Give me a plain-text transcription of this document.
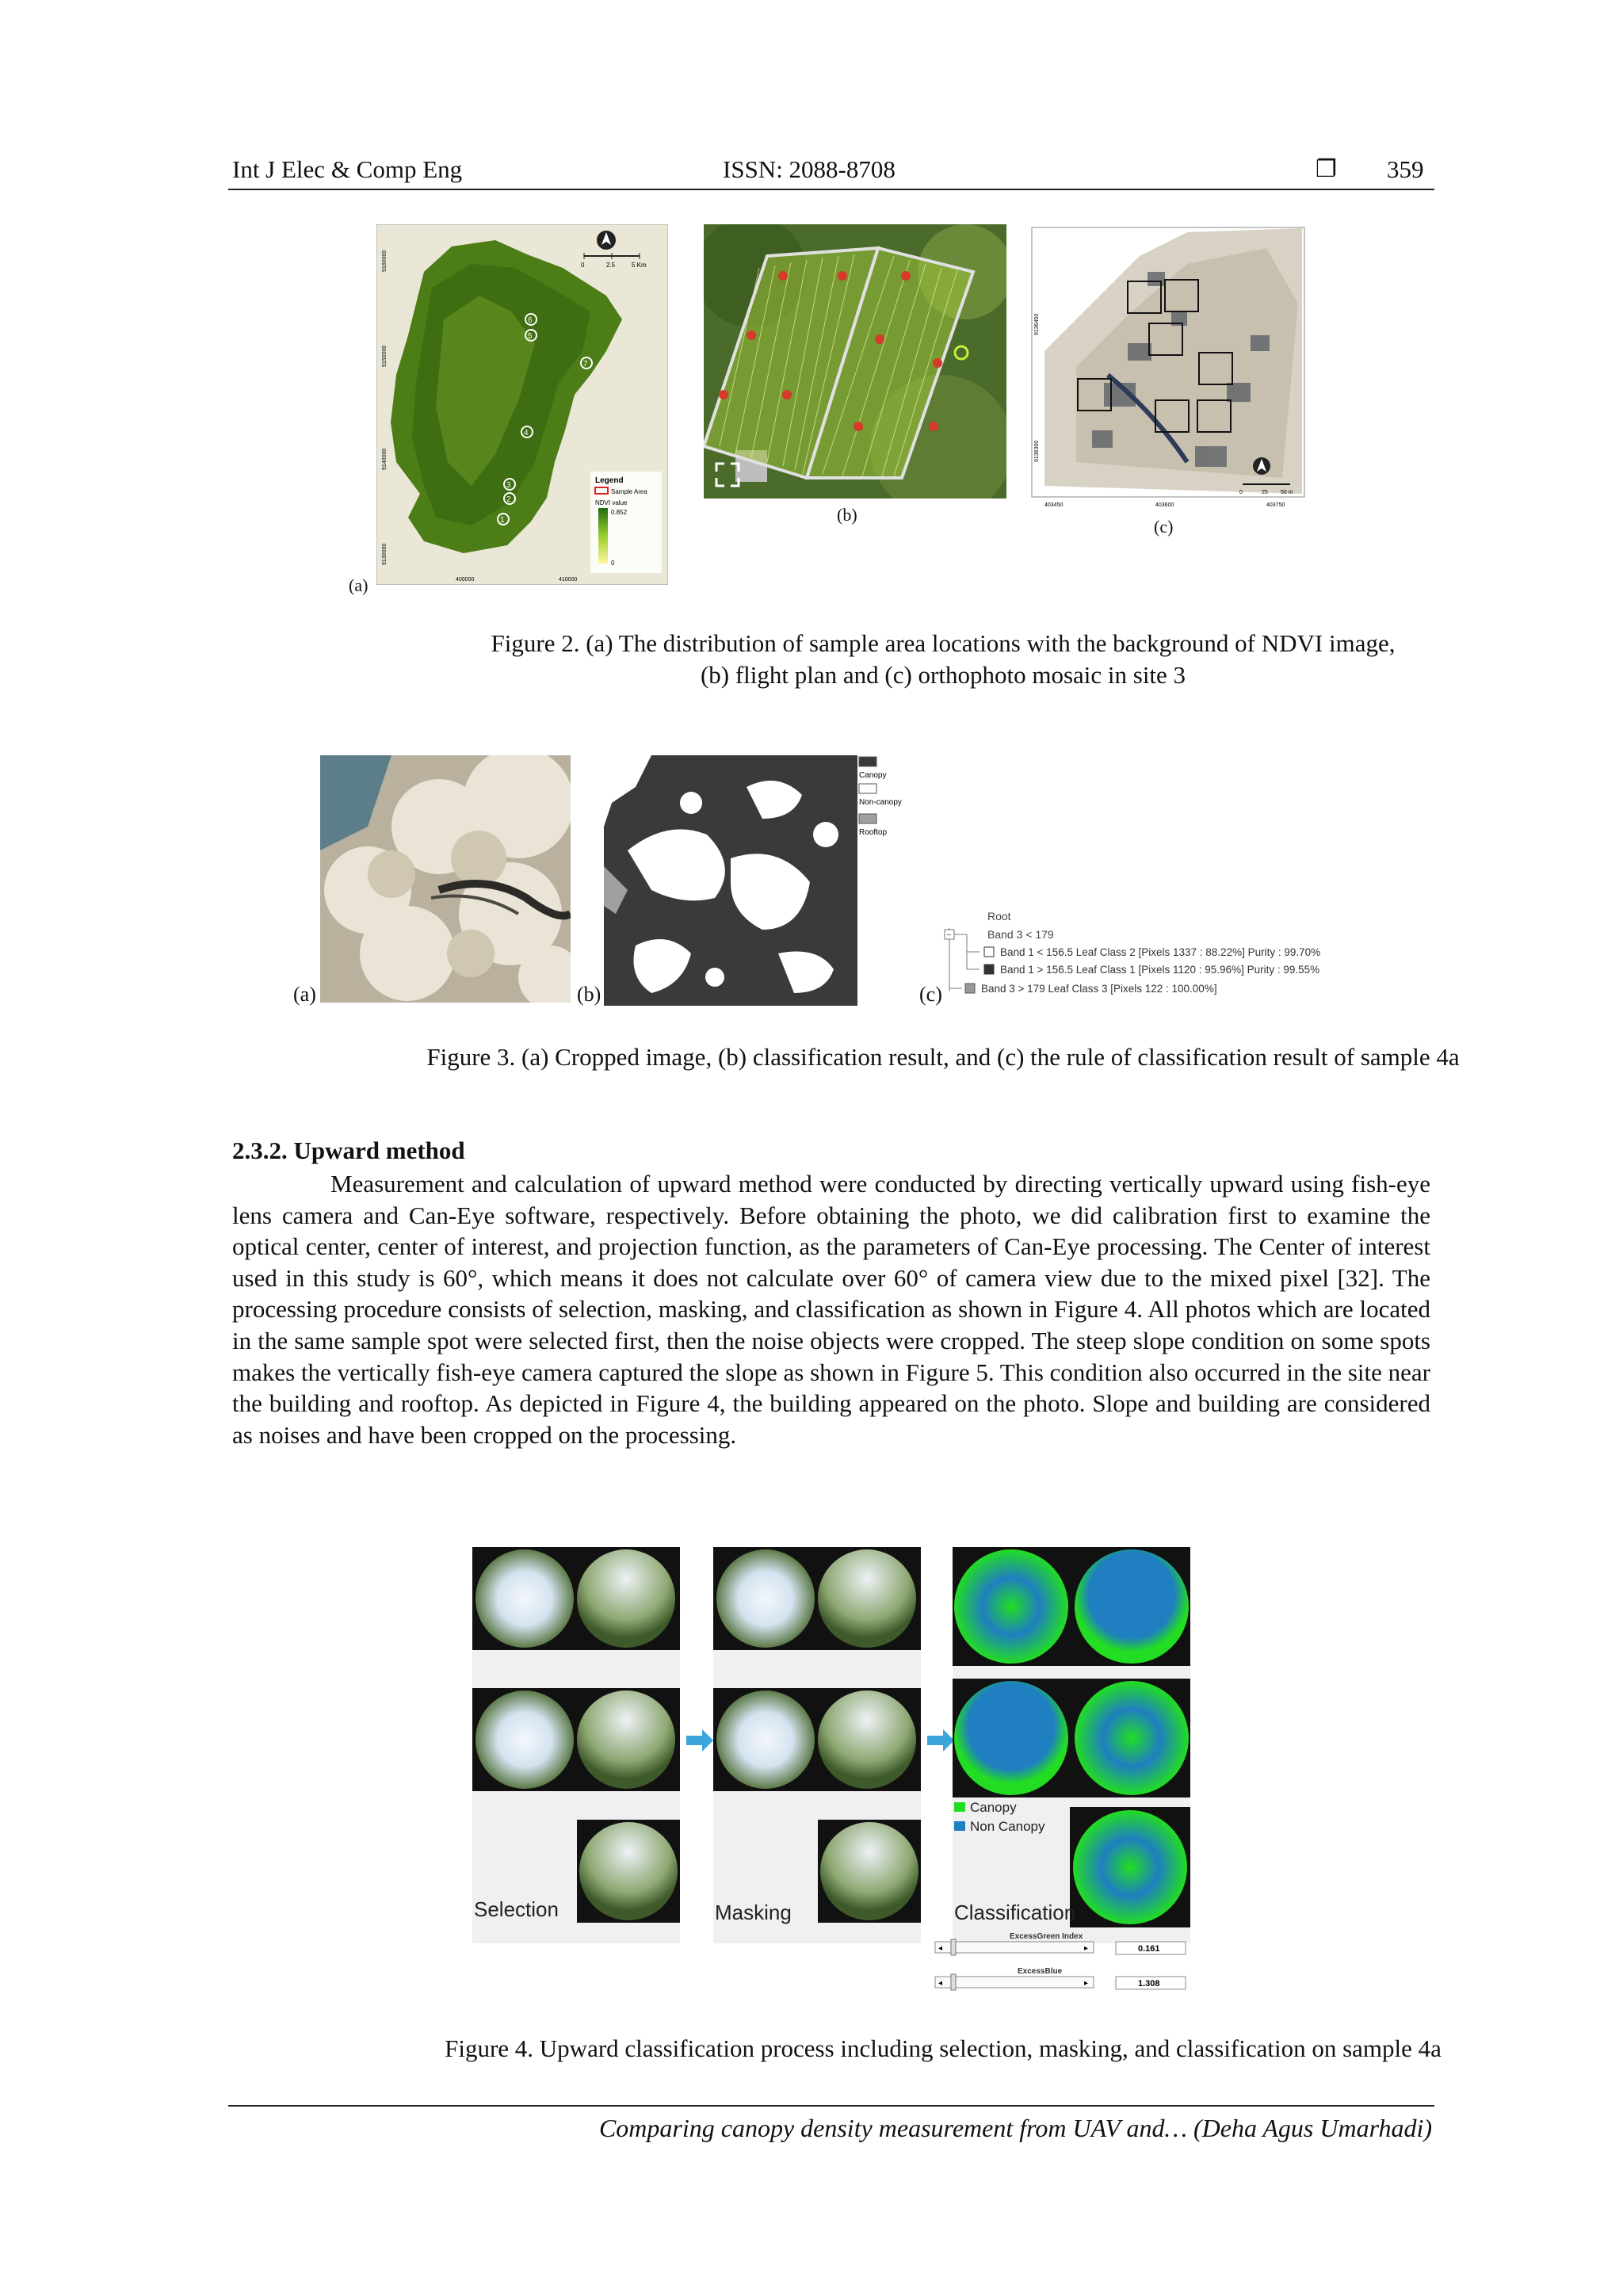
Int J Elec & Comp Eng	ISSN: 2088-8708	❐ 359
6
5
7
4
3
2
1
0	2.5	5 Km
Legend
Sample Area
NDVI value
0.852
0
9160000
9150000
9140000
9130000
400000	410000
(a)
(b)
0	25 50 m
403450	403600	403750
9136450
9136300
(c)
Figure 2. (a) The distribution of sample area locations with the background of NDVI image,
(b) flight plan and (c) orthophoto mosaic in site 3
(a)	(b)
Canopy
Non-canopy
Rooftop
−
Root
Band 3 < 179
Band 1 < 156.5 Leaf Class 2 [Pixels 1337 : 88.22%] Purity : 99.70%
Band 1 > 156.5 Leaf Class 1 [Pixels 1120 : 95.96%] Purity : 99.55%
Band 3 > 179 Leaf Class 3 [Pixels 122 : 100.00%]
(c)
Figure 3. (a) Cropped image, (b) classification result, and (c) the rule of classification result of sample 4a
2.3.2. Upward method
Measurement and calculation of upward method were conducted by directing vertically upward using fish-eye lens camera and Can-Eye software, respectively. Before obtaining the photo, we did calibration first to examine the optical center, center of interest, and projection function, as the parameters of Can-Eye processing. The Center of interest used in this study is 60°, which means it does not calculate over 60° of camera view due to the mixed pixel [32]. The processing procedure consists of selection, masking, and classification as shown in Figure 4. All photos which are located in the same sample spot were selected first, then the noise objects were cropped. The steep slope condition on some spots makes the vertically fish-eye camera captured the slope as shown in Figure 5. This condition also occurred in the site near the building and rooftop. As depicted in Figure 4, the building appeared on the photo. Slope and building are considered as noises and have been cropped on the processing.
Selection	Masking
Canopy
Non Canopy
Classification
ExcessGreen Index
◂	▸	0.161
ExcessBlue
◂	▸	1.308
Figure 4. Upward classification process including selection, masking, and classification on sample 4a
Comparing canopy density measurement from UAV and… (Deha Agus Umarhadi)
